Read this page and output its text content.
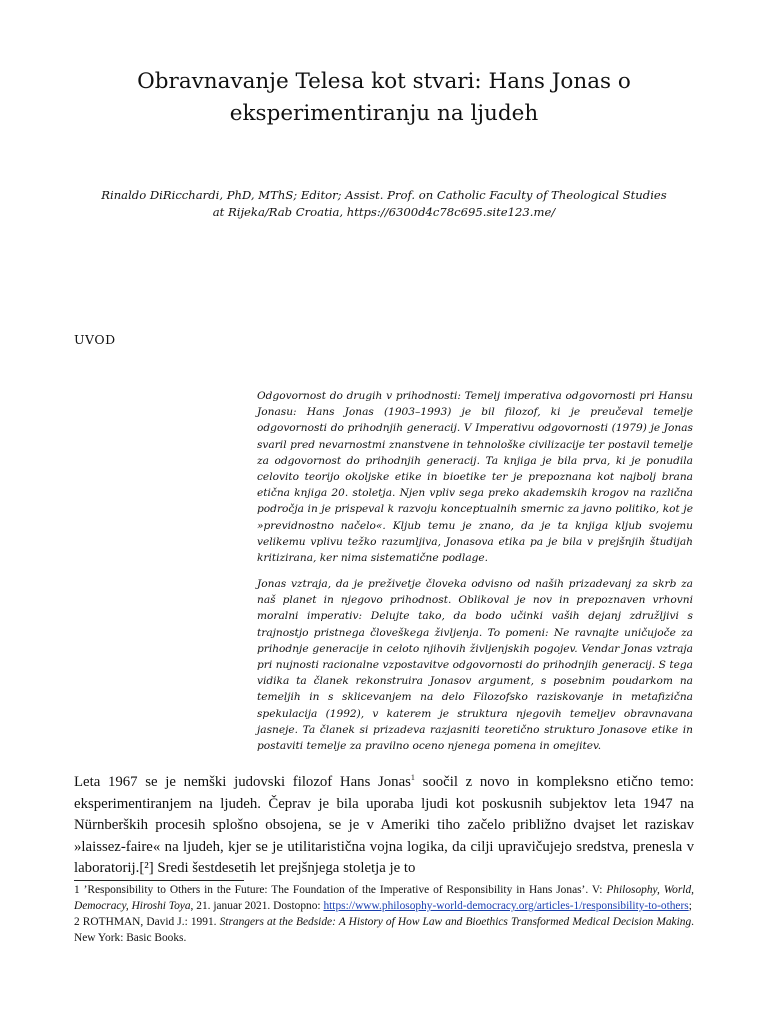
Obravnavanje Telesa kot stvari: Hans Jonas o
eksperimentiranju na ljudeh
Rinaldo DiRicchardi, PhD, MThS; Editor; Assist. Prof. on Catholic Faculty of Theological Studies
at Rijeka/Rab Croatia, https://6300d4c78c695.site123.me/
UVOD

Odgovornost do drugih v prihodnosti: Temelj imperativa odgovornosti pri Hansu Jonasu: Hans Jonas (1903–1993) je bil filozof, ki je preučeval temelje odgovornosti do prihodnjih generacij. V Imperativu odgovornosti (1979) je Jonas svaril pred nevarnostmi znanstvene in tehnološke civilizacije ter postavil temelje za odgovornost do prihodnjih generacij. Ta knjiga je bila prva, ki je ponudila celovito teorijo okoljske etike in bioetike ter je prepoznana kot najbolj brana etična knjiga 20. stoletja. Njen vpliv sega preko akademskih krogov na različna področja in je prispeval k razvoju konceptualnih smernic za javno politiko, kot je »previdnostno načelo«. Kljub temu je znano, da je ta knjiga kljub svojemu velikemu vplivu težko razumljiva, Jonasova etika pa je bila v prejšnjih študijah kritizirana, ker nima sistematične podlage.

Jonas vztraja, da je preživetje človeka odvisno od naših prizadevanj za skrb za naš planet in njegovo prihodnost. Oblikoval je nov in prepoznaven vrhovni moralni imperativ: Delujte tako, da bodo učinki vaših dejanj združljivi s trajnostjo pristnega človeškega življenja. To pomeni: Ne ravnajte uničujoče za prihodnje generacije in celoto njihovih življenjskih pogojev. Vendar Jonas vztraja pri nujnosti racionalne vzpostavitve odgovornosti do prihodnjih generacij. S tega vidika ta članek rekonstruira Jonasov argument, s posebnim poudarkom na temeljih in s sklicevanjem na delo Filozofsko raziskovanje in metafizična spekulacija (1992), v katerem je struktura njegovih temeljev obravnavana jasneje. Ta članek si prizadeva razjasniti teoretično strukturo Jonasove etike in postaviti temelje za pravilno oceno njenega pomena in omejitev.

Leta 1967 se je nemški judovski filozof Hans Jonas$^1$ soočil z novo in kompleksno etično temo: eksperimentiranjem na ljudeh. Čeprav je bila uporaba ljudi kot poskusnih subjektov leta 1947 na Nürnberških procesih splošno obsojena, se je v Ameriki tiho začelo približno dvajset let raziskav »laissez-faire« na ljudeh, kjer se je utilitaristična vojna logika, da cilji upravičujejo sredstva, prenesla v laboratorij.[²] Sredi šestdesetih let prejšnjega stoletja je to

1 ’Responsibility to Others in the Future: The Foundation of the Imperative of Responsibility in Hans Jonas’. V: Philosophy, World, Democracy, Hiroshi Toya, 21. januar 2021. Dostopno: https://www.philosophy-world-democracy.org/articles-1/responsibility-to-others;

2 ROTHMAN, David J.: 1991. Strangers at the Bedside: A History of How Law and Bioethics Transformed Medical Decision Making. New York: Basic Books.
